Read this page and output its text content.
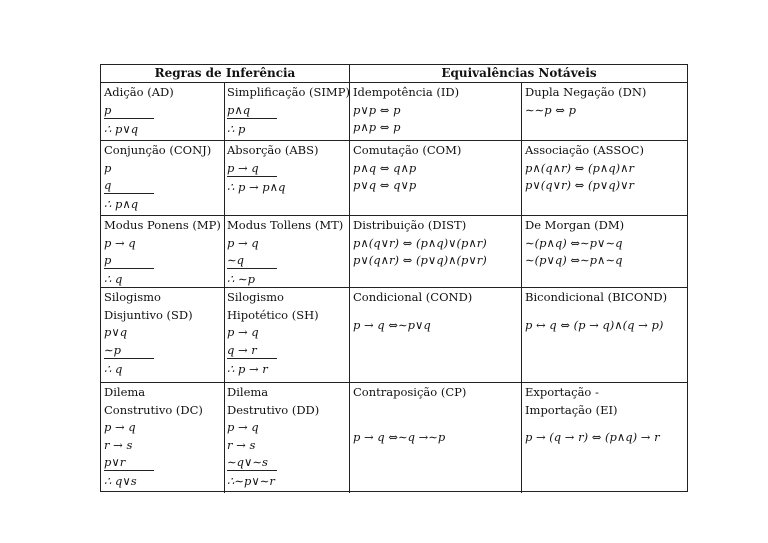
Regras de Inferência	Equivalências Notáveis
Adição (AD)
p
∴ p∨q
Simplificação (SIMP)
p∧q
∴ p
Idempotência (ID)
p∨p ⇔ p
p∧p ⇔ p
Dupla Negação (DN)
∼∼p ⇔ p
Conjunção (CONJ)
p
q
∴ p∧q
Absorção (ABS)
p → q
∴ p → p∧q
Comutação (COM)
p∧q ⇔ q∧p
p∨q ⇔ q∨p
Associação (ASSOC)
p∧(q∧r) ⇔ (p∧q)∧r
p∨(q∨r) ⇔ (p∨q)∨r
Modus Ponens (MP)
p → q
p
∴ q
Modus Tollens (MT)
p → q
∼q
∴ ∼p
Distribuição (DIST)
p∧(q∨r) ⇔ (p∧q)∨(p∧r)
p∨(q∧r) ⇔ (p∨q)∧(p∨r)
De Morgan (DM)
∼(p∧q) ⇔∼p∨∼q
∼(p∨q) ⇔∼p∧∼q
Silogismo
Disjuntivo (SD)
p∨q
∼p
∴ q
Silogismo
Hipotético (SH)
p → q
q → r
∴ p → r
Condicional (COND)
p → q ⇔∼p∨q
Bicondicional (BICOND)
p ↔ q ⇔ (p → q)∧(q → p)
Dilema
Construtivo (DC)
p → q
r → s
p∨r
∴ q∨s
Dilema
Destrutivo (DD)
p → q
r → s
∼q∨∼s
∴∼p∨∼r
Contraposição (CP)
p → q ⇔∼q →∼p
Exportação -
Importação (EI)
p → (q → r) ⇔ (p∧q) → r
